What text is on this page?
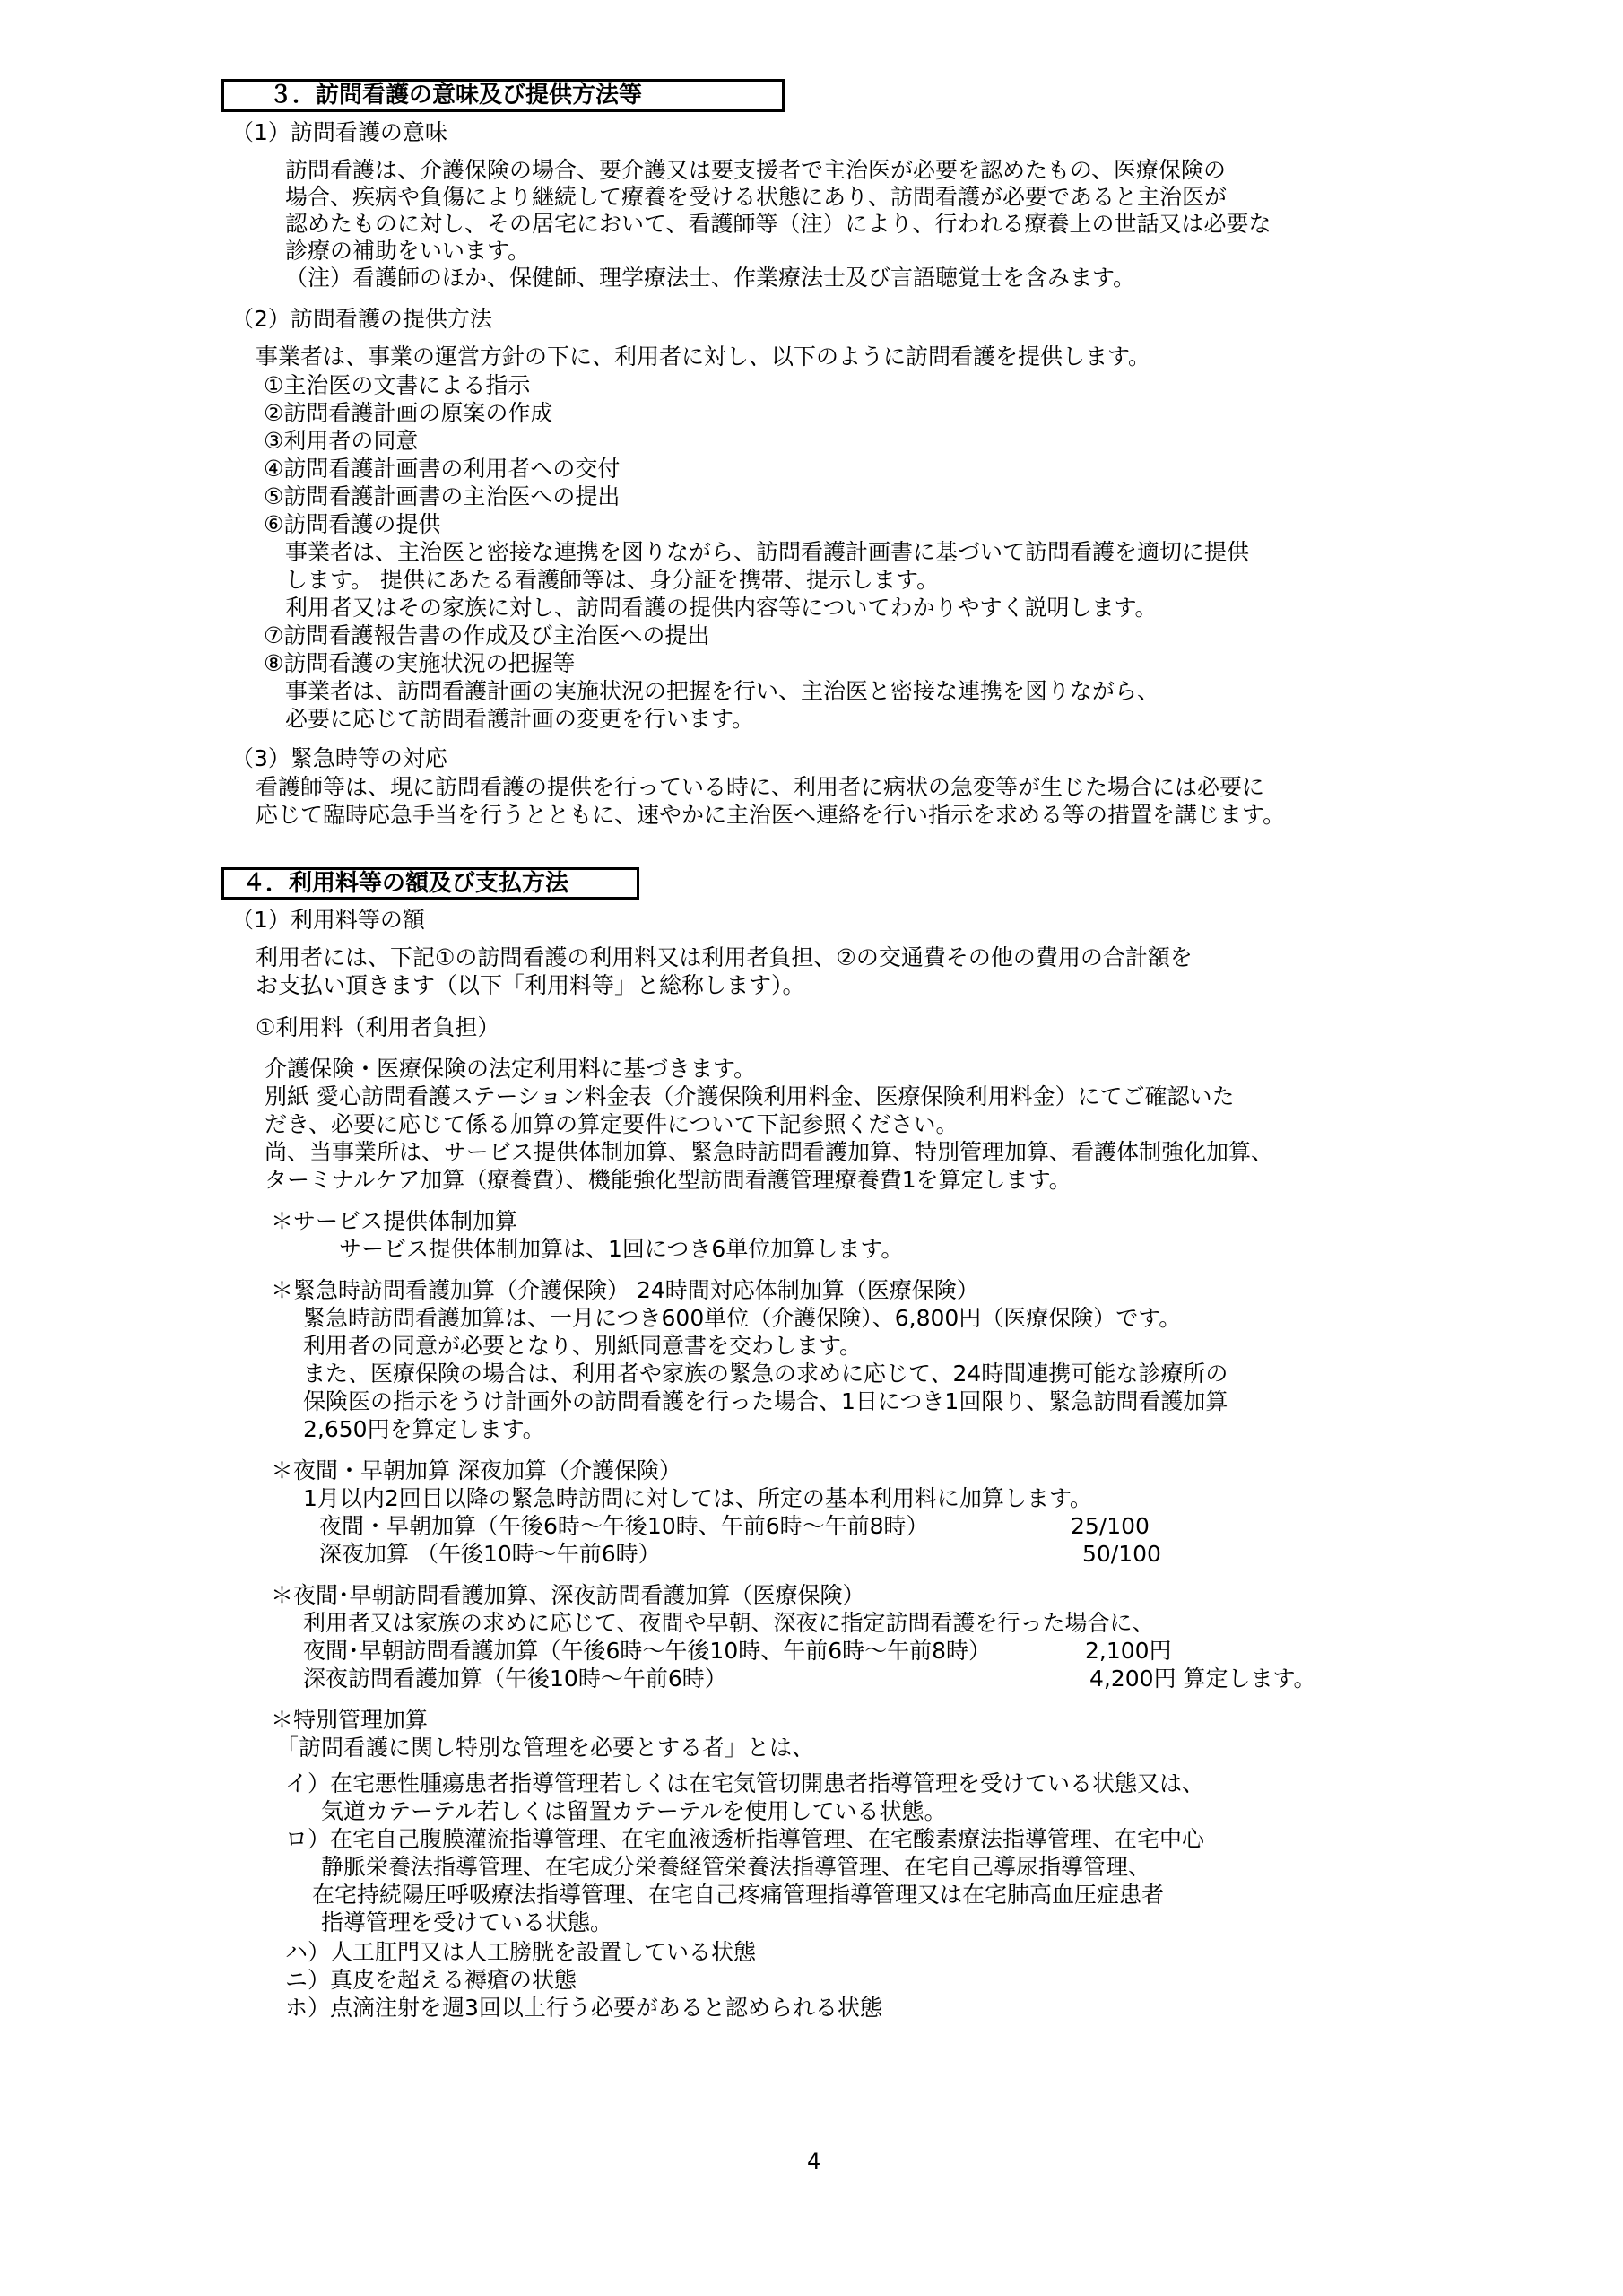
３．訪問看護の意味及び提供方法等
（1）訪問看護の意味
訪問看護は、介護保険の場合、要介護又は要支援者で主治医が必要を認めたもの、医療保険の
場合、疾病や負傷により継続して療養を受ける状態にあり、訪問看護が必要であると主治医が
認めたものに対し、その居宅において、看護師等（注）により、行われる療養上の世話又は必要な
診療の補助をいいます。
（注）看護師のほか、保健師、理学療法士、作業療法士及び言語聴覚士を含みます。
（2）訪問看護の提供方法
事業者は、事業の運営方針の下に、利用者に対し、以下のように訪問看護を提供します。
①主治医の文書による指示
②訪問看護計画の原案の作成
③利用者の同意
④訪問看護計画書の利用者への交付
⑤訪問看護計画書の主治医への提出
⑥訪問看護の提供
事業者は、主治医と密接な連携を図りながら、訪問看護計画書に基づいて訪問看護を適切に提供
します。 提供にあたる看護師等は、身分証を携帯、提示します。
利用者又はその家族に対し、訪問看護の提供内容等についてわかりやすく説明します。
⑦訪問看護報告書の作成及び主治医への提出
⑧訪問看護の実施状況の把握等
事業者は、訪問看護計画の実施状況の把握を行い、主治医と密接な連携を図りながら、
必要に応じて訪問看護計画の変更を行います。
（3）緊急時等の対応
看護師等は、現に訪問看護の提供を行っている時に、利用者に病状の急変等が生じた場合には必要に
応じて臨時応急手当を行うとともに、速やかに主治医へ連絡を行い指示を求める等の措置を講じます。
４．利用料等の額及び支払方法
（1）利用料等の額
利用者には、下記①の訪問看護の利用料又は利用者負担、②の交通費その他の費用の合計額を
お支払い頂きます（以下「利用料等」と総称します）。
①利用料（利用者負担）
介護保険・医療保険の法定利用料に基づきます。
別紙 愛心訪問看護ステーション料金表（介護保険利用料金、医療保険利用料金）にてご確認いた
だき、必要に応じて係る加算の算定要件について下記参照ください。
尚、当事業所は、サービス提供体制加算、緊急時訪問看護加算、特別管理加算、看護体制強化加算、
ターミナルケア加算（療養費）、機能強化型訪問看護管理療養費1を算定します。
＊サービス提供体制加算
サービス提供体制加算は、1回につき6単位加算します。
＊緊急時訪問看護加算（介護保険） 24時間対応体制加算（医療保険）
緊急時訪問看護加算は、一月につき600単位（介護保険）、6,800円（医療保険）です。
利用者の同意が必要となり、別紙同意書を交わします。
また、医療保険の場合は、利用者や家族の緊急の求めに応じて、24時間連携可能な診療所の
保険医の指示をうけ計画外の訪問看護を行った場合、1日につき1回限り、緊急訪問看護加算
2,650円を算定します。
＊夜間・早朝加算 深夜加算（介護保険）
1月以内2回目以降の緊急時訪問に対しては、所定の基本利用料に加算します。
夜間・早朝加算（午後6時～午後10時、午前6時～午前8時）	25/100
深夜加算 （午後10時～午前6時）	50/100
＊夜間･早朝訪問看護加算、深夜訪問看護加算（医療保険）
利用者又は家族の求めに応じて、夜間や早朝、深夜に指定訪問看護を行った場合に、
夜間･早朝訪問看護加算（午後6時～午後10時、午前6時～午前8時）	2,100円
深夜訪問看護加算（午後10時～午前6時）	4,200円 算定します。
＊特別管理加算
「訪問看護に関し特別な管理を必要とする者」とは、
イ）在宅悪性腫瘍患者指導管理若しくは在宅気管切開患者指導管理を受けている状態又は、
気道カテーテル若しくは留置カテーテルを使用している状態。
ロ）在宅自己腹膜灌流指導管理、在宅血液透析指導管理、在宅酸素療法指導管理、在宅中心
静脈栄養法指導管理、在宅成分栄養経管栄養法指導管理、在宅自己導尿指導管理、
在宅持続陽圧呼吸療法指導管理、在宅自己疼痛管理指導管理又は在宅肺高血圧症患者
指導管理を受けている状態。
ハ）人工肛門又は人工膀胱を設置している状態
ニ）真皮を超える褥瘡の状態
ホ）点滴注射を週3回以上行う必要があると認められる状態
4
